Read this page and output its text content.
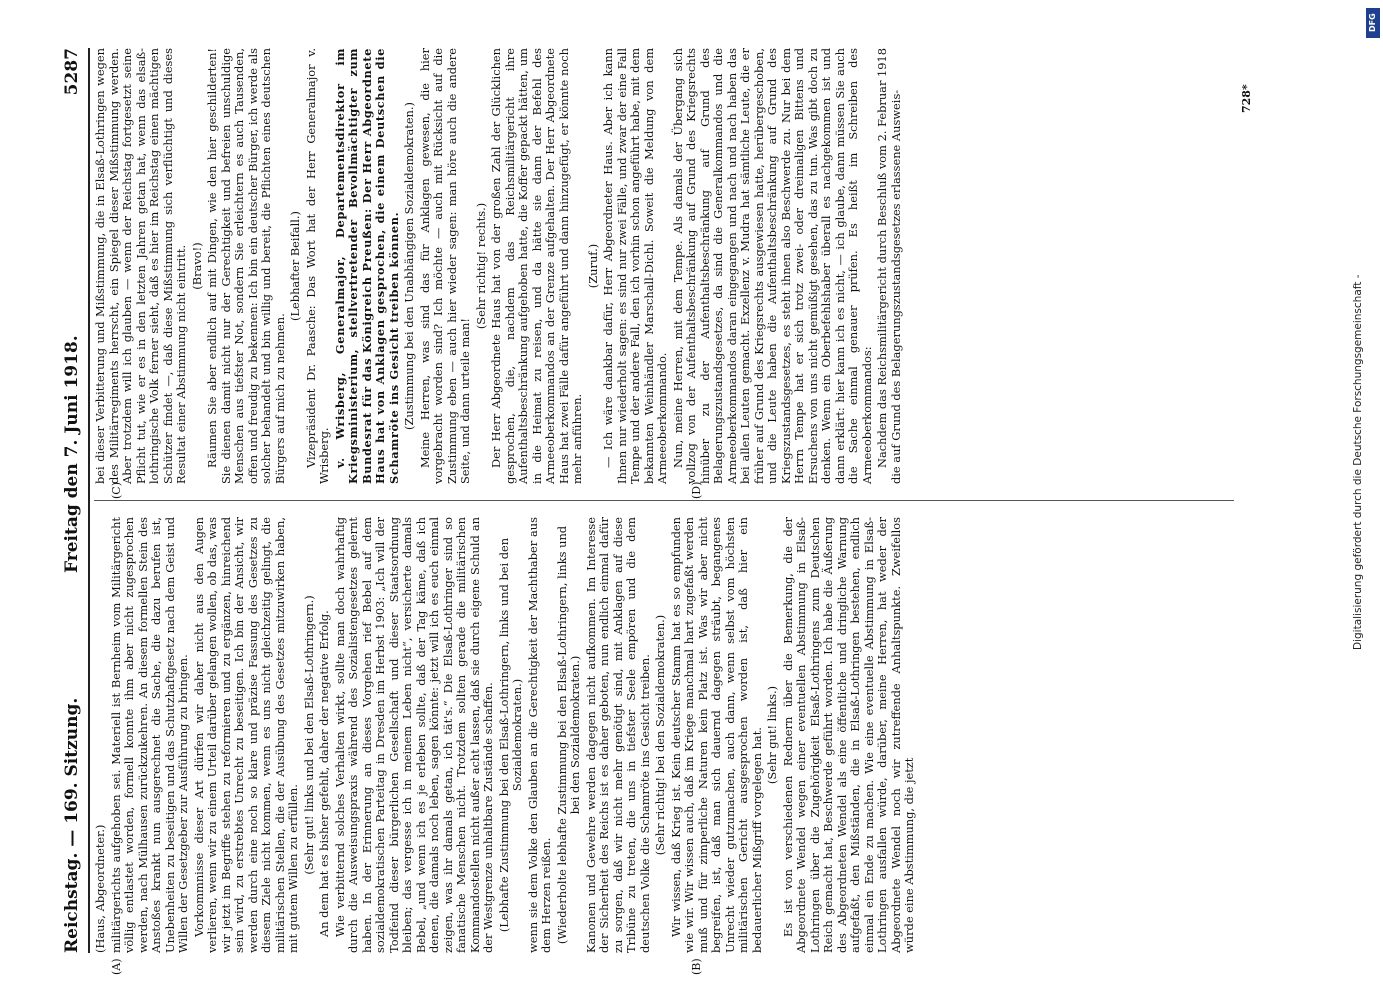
Reichstag. — 169. Sitzung.
Freitag den 7. Juni 1918.
5287
(A)	(B)
(C)	(D)

(Haus, Abgeordneter.) militärgerichts aufgehoben sei. Materiell ist Bernheim vom Militärgericht völlig entlastet worden, formell konnte ihm aber nicht zugesprochen werden, nach Mülhausen zurückzukehren. An diesem formellen Stein des Anstoßes krankt nun ausgerechnet die Sache, die dazu berufen ist, Unebenheiten zu beseitigen und das Schutzhaftgesetz nach dem Geist und Willen der Gesetzgeber zur Ausführung zu bringen. Vorkommnisse dieser Art dürfen wir daher nicht aus den Augen verlieren, wenn wir zu einem Urteil darüber gelangen wollen, ob das, was wir jetzt im Begriffe stehen zu reformieren und zu ergänzen, hinreichend sein wird, zu erstrebtes Unrecht zu beseitigen. Ich bin der Ansicht, wir werden durch eine noch so klare und präzise Fassung des Gesetzes zu diesem Ziele nicht kommen, wenn es uns nicht gleichzeitig gelingt, die militärischen Stellen, die der Ausübung des Gesetzes mitzuwirken haben, mit gutem Willen zu erfüllen. (Sehr gut! links und bei den Elsaß-Lothringern.) An dem hat es bisher gefehlt, daher der negative Erfolg. Wie verbitternd solches Verhalten wirkt, sollte man doch wahrhaftig durch die Ausweisungspraxis während des Sozialistengesetzes gelernt haben. In der Erinnerung an dieses Vorgehen rief Bebel auf dem sozialdemokratischen Parteitag in Dresden im Herbst 1903: „Ich will der Todfeind dieser bürgerlichen Gesellschaft und dieser Staatsordnung bleiben; das vergesse ich in meinem Leben nicht“, versicherte damals Bebel, „und wenn ich es je erleben sollte, daß der Tag käme, daß ich denen, die damals noch leben, sagen könnte: jetzt will ich es euch einmal zeigen, was ihr damals getan, ich tät's.“ Die Elsaß-Lothringer sind so fanatische Menschen nicht. Trotzdem sollten gerade die militärischen Kommandostellen nicht außer acht lassen, daß sie durch eigene Schuld an der Westgrenze unhaltbare Zustände schaffen. (Lebhafte Zustimmung bei den Elsaß-Lothringern, links und bei den Sozialdemokraten.) wenn sie dem Volke den Glauben an die Gerechtigkeit der Machthaber aus dem Herzen reißen. (Wiederholte lebhafte Zustimmung bei den Elsaß-Lothringern, links und bei den Sozialdemokraten.) Kanonen und Gewehre werden dagegen nicht aufkommen. Im Interesse der Sicherheit des Reichs ist es daher geboten, nun endlich einmal dafür zu sorgen, daß wir nicht mehr genötigt sind, mit Anklagen auf diese Tribüne zu treten, die uns in tiefster Seele empören und die dem deutschen Volke die Schamröte ins Gesicht treiben. (Sehr richtig! bei den Sozialdemokraten.) Wir wissen, daß Krieg ist. Kein deutscher Stamm hat es so empfunden wie wir. Wir wissen auch, daß im Kriege manchmal hart zugefaßt werden muß und für zimperliche Naturen kein Platz ist. Was wir aber nicht begreifen, ist, daß man sich dauernd dagegen sträubt, begangenes Unrecht wieder gutzumachen, auch dann, wenn selbst vom höchsten militärischen Gericht ausgesprochen worden ist, daß hier ein bedauerlicher Mißgriff vorgelegen hat. (Sehr gut! links.) Es ist von verschiedenen Rednern über die Bemerkung, die der Abgeordnete Wendel wegen einer eventuellen Abstimmung in Elsaß-Lothringen über die Zugehörigkeit Elsaß-Lothringens zum Deutschen Reich gemacht hat, Beschwerde geführt worden. Ich habe die Äußerung des Abgeordneten Wendel als eine öffentliche und dringliche Warnung aufgefaßt, den Mißständen, die in Elsaß-Lothringen bestehen, endlich einmal ein Ende zu machen. Wie eine eventuelle Abstimmung in Elsaß-Lothringen ausfallen würde, darüber, meine Herren, hat weder der Abgeordnete Wendel noch wir zutreffende Anhaltspunkte. Zweifellos würde eine Abstimmung, die jetzt

bei dieser Verbitterung und Mißstimmung, die in Elsaß-Lothringen wegen des Militärregiments herrscht, ein Spiegel dieser Mißstimmung werden. Aber trotzdem will ich glauben — wenn der Reichstag fortgesetzt seine Pflicht tut, wie er es in den letzten Jahren getan hat, wenn das elsaß-lothringische Volk ferner sieht, daß es hier im Reichstag einen mächtigen Schützer findet —, daß diese Mißstimmung sich verflüchtigt und dieses Resultat einer Abstimmung nicht eintritt. (Bravo!) Räumen Sie aber endlich auf mit Dingen, wie den hier geschilderten! Sie dienen damit nicht nur der Gerechtigkeit und befreien unschuldige Menschen aus tiefster Not, sondern Sie erleichtern es auch Tausenden, offen und freudig zu bekennen: Ich bin ein deutscher Bürger, ich werde als solcher behandelt und bin willig und bereit, die Pflichten eines deutschen Bürgers auf mich zu nehmen.

(Lebhafter Beifall.) Vizepräsident Dr. Paasche: Das Wort hat der Herr Generalmajor v. Wrisberg. v. Wrisberg, Generalmajor, Departementsdirektor im Kriegsministerium, stellvertretender Bevollmächtigter zum Bundesrat für das Königreich Preußen: Der Herr Abgeordnete Haus hat von Anklagen gesprochen, die einem Deutschen die Schamröte ins Gesicht treiben können. (Zustimmung bei den Unabhängigen Sozialdemokraten.) Meine Herren, was sind das für Anklagen gewesen, die hier vorgebracht worden sind? Ich möchte — auch mit Rücksicht auf die Zustimmung eben — auch hier wieder sagen: man höre auch die andere Seite, und dann urteile man!

(Sehr richtig! rechts.) Der Herr Abgeordnete Haus hat von der großen Zahl der Glücklichen gesprochen, die, nachdem das Reichsmilitärgericht ihre Aufenthaltsbeschränkung aufgehoben hatte, die Koffer gepackt hätten, um in die Heimat zu reisen, und da hätte sie dann der Befehl des Armeeoberkommandos an der Grenze aufgehalten. Der Herr Abgeordnete Haus hat zwei Fälle dafür angeführt und dann hinzugefügt, er könnte noch mehr anführen.

(Zuruf.) — Ich wäre dankbar dafür, Herr Abgeordneter Haus. Aber ich kann Ihnen nur wiederholt sagen: es sind nur zwei Fälle, und zwar der eine Fall Tempe und der andere Fall, den ich vorhin schon angeführt habe, mit dem bekannten Weinhändler Marschall-Dichl. Soweit die Meldung von dem Armeeoberkommando. Nun, meine Herren, mit dem Tempe. Als damals der Übergang sich vollzog von der Aufenthaltsbeschränkung auf Grund des Kriegsrechts hinüber zu der Aufenthaltsbeschränkung auf Grund des Belagerungszustandsgesetzes, da sind die Generalkommandos und die Armeeoberkommandos daran eingegangen und nach und nach haben das bei allen Leuten gemacht. Exzellenz v. Mudra hat sämtliche Leute, die er früher auf Grund des Kriegsrechts ausgewiesen hatte, herübergeschoben, und die Leute haben die Aufenthaltsbeschränkung auf Grund des Kriegszustandsgesetzes, es steht ihnen also Beschwerde zu. Nur bei dem Herrn Tempe hat er sich trotz zwei- oder dreimaligen Bittens und Ersuchens von uns nicht gemüßigt gesehen, das zu tun. Was gibt doch zu denken. Wenn ein Oberbefehlshaber überall es nachgekommen ist und dann erklärt: hier kann ich es nicht, — ich glaube, dann müssen Sie auch die Sache einmal genauer prüfen. Es heißt im Schreiben des Armeeoberkommandos: Nachdem das Reichsmilitärgericht durch Beschluß vom 2. Februar 1918 die auf Grund des Belagerungszustandsgesetzes erlassene Ausweis-	728*
Digitalisierung gefördert durch die Deutsche Forschungsgemeinschaft -
DFG
